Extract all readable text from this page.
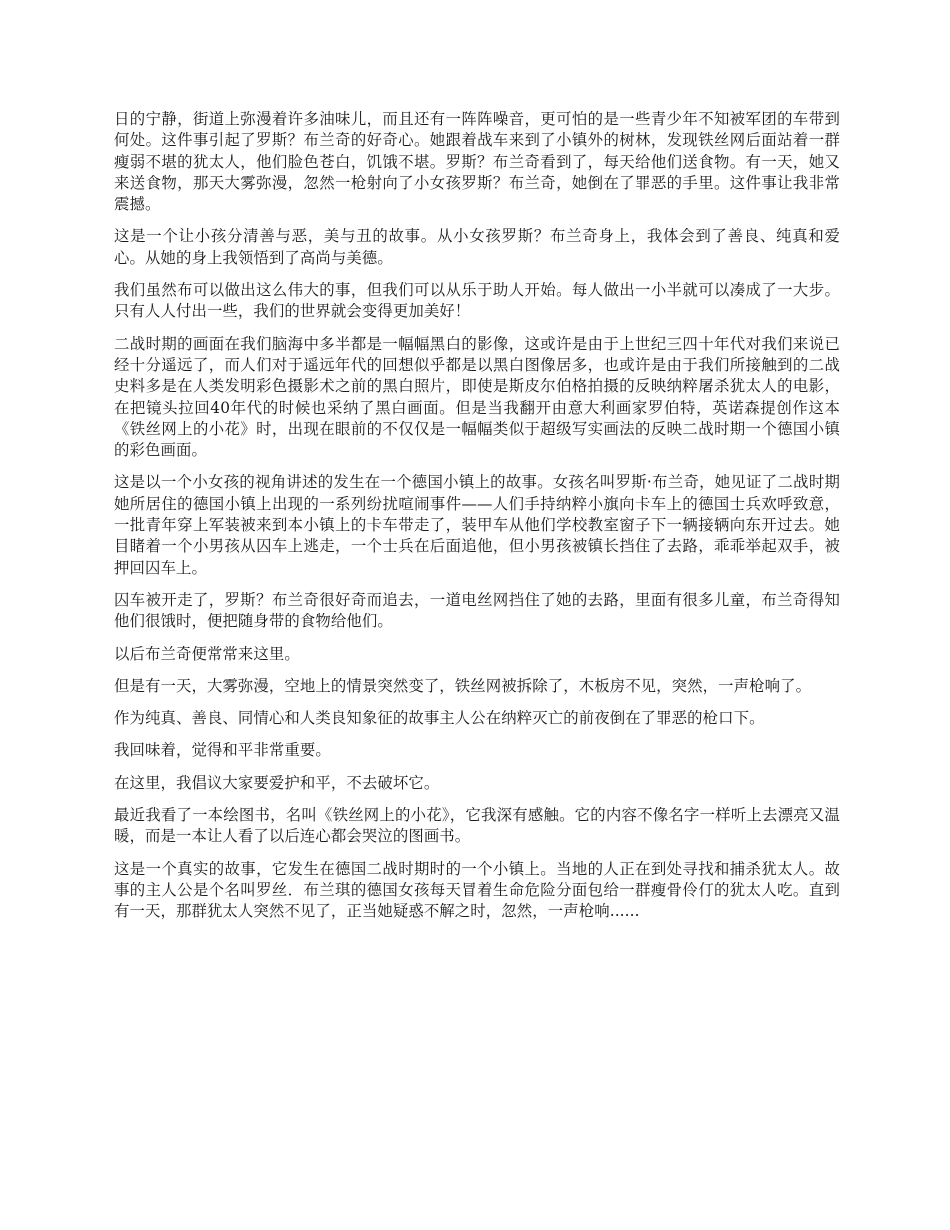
日的宁静，街道上弥漫着许多油味儿，而且还有一阵阵噪音，更可怕的是一些青少年不知被军团的车带到何处。这件事引起了罗斯？布兰奇的好奇心。她跟着战车来到了小镇外的树林，发现铁丝网后面站着一群瘦弱不堪的犹太人，他们脸色苍白，饥饿不堪。罗斯？布兰奇看到了，每天给他们送食物。有一天，她又来送食物，那天大雾弥漫，忽然一枪射向了小女孩罗斯？布兰奇，她倒在了罪恶的手里。这件事让我非常震撼。

这是一个让小孩分清善与恶，美与丑的故事。从小女孩罗斯？布兰奇身上，我体会到了善良、纯真和爱心。从她的身上我领悟到了高尚与美德。

我们虽然布可以做出这么伟大的事，但我们可以从乐于助人开始。每人做出一小半就可以凑成了一大步。只有人人付出一些，我们的世界就会变得更加美好！

二战时期的画面在我们脑海中多半都是一幅幅黑白的影像，这或许是由于上世纪三四十年代对我们来说已经十分遥远了，而人们对于遥远年代的回想似乎都是以黑白图像居多，也或许是由于我们所接触到的二战史料多是在人类发明彩色摄影术之前的黑白照片，即使是斯皮尔伯格拍摄的反映纳粹屠杀犹太人的电影，在把镜头拉回40年代的时候也采纳了黑白画面。但是当我翻开由意大利画家罗伯特，英诺森提创作这本《铁丝网上的小花》时，出现在眼前的不仅仅是一幅幅类似于超级写实画法的反映二战时期一个德国小镇的彩色画面。

这是以一个小女孩的视角讲述的发生在一个德国小镇上的故事。女孩名叫罗斯·布兰奇，她见证了二战时期她所居住的德国小镇上出现的一系列纷扰喧闹事件——人们手持纳粹小旗向卡车上的德国士兵欢呼致意，一批青年穿上军装被来到本小镇上的卡车带走了，装甲车从他们学校教室窗子下一辆接辆向东开过去。她目睹着一个小男孩从囚车上逃走，一个士兵在后面追他，但小男孩被镇长挡住了去路，乖乖举起双手，被押回囚车上。

囚车被开走了，罗斯？布兰奇很好奇而追去，一道电丝网挡住了她的去路，里面有很多儿童，布兰奇得知他们很饿时，便把随身带的食物给他们。

以后布兰奇便常常来这里。

但是有一天，大雾弥漫，空地上的情景突然变了，铁丝网被拆除了，木板房不见，突然，一声枪响了。

作为纯真、善良、同情心和人类良知象征的故事主人公在纳粹灭亡的前夜倒在了罪恶的枪口下。

我回味着，觉得和平非常重要。

在这里，我倡议大家要爱护和平，不去破坏它。

最近我看了一本绘图书，名叫《铁丝网上的小花》，它我深有感触。它的内容不像名字一样听上去漂亮又温暖，而是一本让人看了以后连心都会哭泣的图画书。

这是一个真实的故事，它发生在德国二战时期时的一个小镇上。当地的人正在到处寻找和捕杀犹太人。故事的主人公是个名叫罗丝．布兰琪的德国女孩每天冒着生命危险分面包给一群瘦骨伶仃的犹太人吃。直到有一天，那群犹太人突然不见了，正当她疑惑不解之时，忽然，一声枪响......
